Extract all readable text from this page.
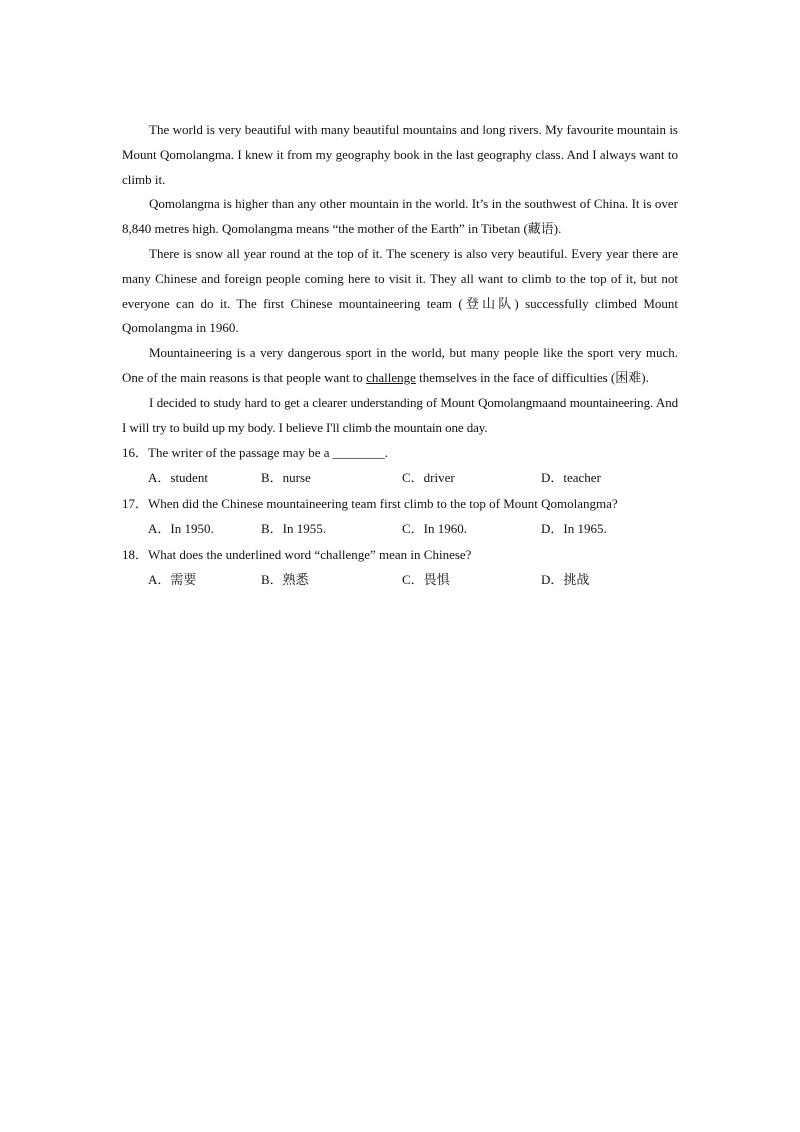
The world is very beautiful with many beautiful mountains and long rivers. My favourite mountain is Mount Qomolangma. I knew it from my geography book in the last geography class. And I always want to climb it.

Qomolangma is higher than any other mountain in the world. It’s in the southwest of China. It is over 8,840 metres high. Qomolangma means “the mother of the Earth” in Tibetan (藏语).

There is snow all year round at the top of it. The scenery is also very beautiful. Every year there are many Chinese and foreign people coming here to visit it. They all want to climb to the top of it, but not everyone can do it. The first Chinese mountaineering team (登山队) successfully climbed Mount Qomolangma in 1960.

Mountaineering is a very dangerous sport in the world, but many people like the sport very much. One of the main reasons is that people want to challenge themselves in the face of difficulties (困难).

I decided to study hard to get a clearer understanding of Mount Qomolangmaand mountaineering. And I will try to build up my body. I believe I'll climb the mountain one day.

16．The writer of the passage may be a ________.

A．student	B．nurse	C．driver	D．teacher

17．When did the Chinese mountaineering team first climb to the top of Mount Qomolangma?

A．In 1950.	B．In 1955.	C．In 1960.	D．In 1965.

18．What does the underlined word “challenge” mean in Chinese?

A．需要	B．熟悉	C．畏惧	D．挑战
